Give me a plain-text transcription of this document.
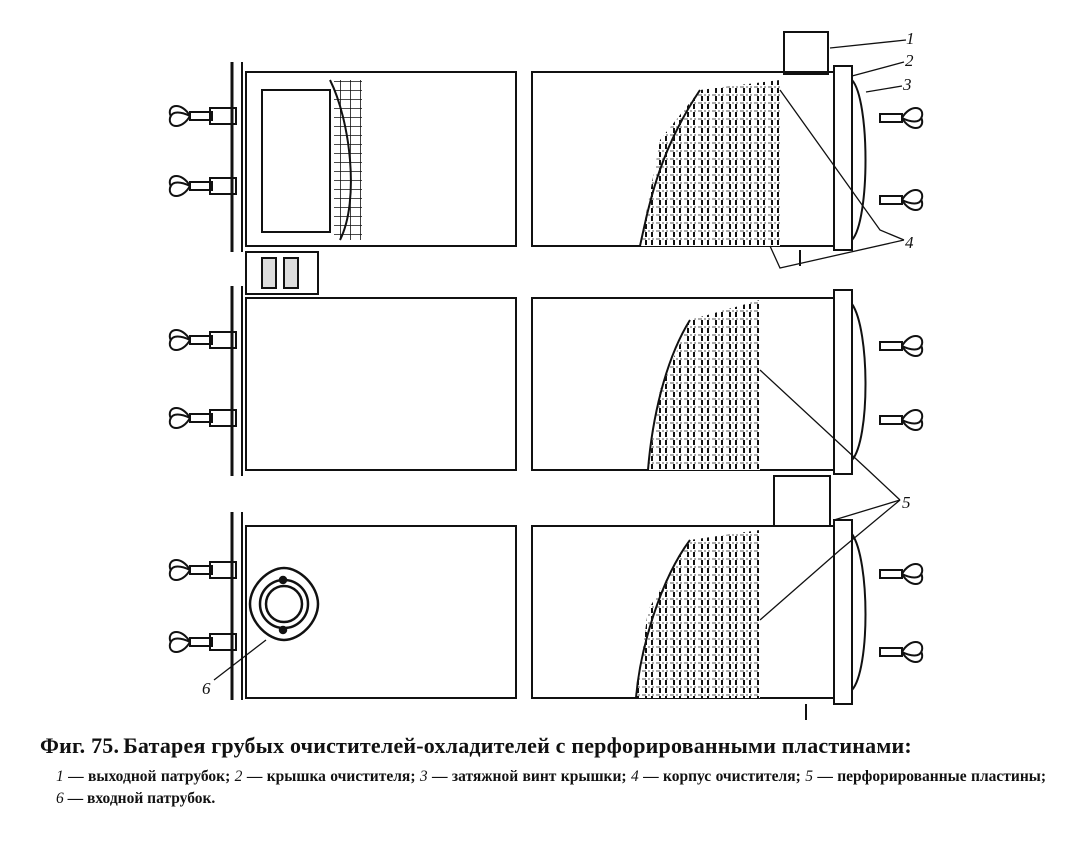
1
2
3
4
5
6
Фиг. 75. Батарея грубых очистителей-охладителей с перфорированными пластинами:
1 — выходной патрубок; 2 — крышка очистителя; 3 — затяжной винт крышки; 4 — корпус очистителя; 5 — перфорированные пластины; 6 — входной патрубок.
